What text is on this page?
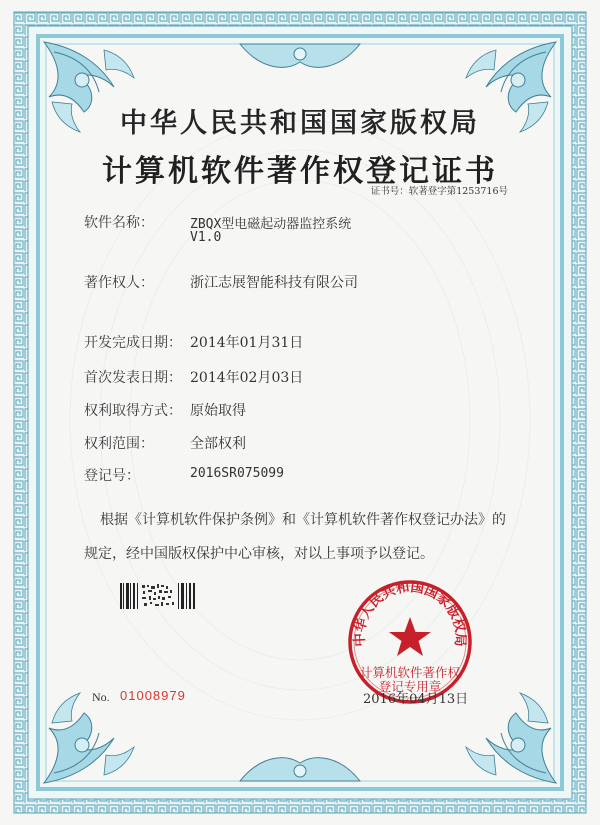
中华人民共和国国家版权局
计算机软件著作权登记证书
证书号：软著登字第1253716号
软件名称：	ZBQX型电磁起动器监控系统
V1.0
著作权人：	浙江志展智能科技有限公司
开发完成日期： 2014年01月31日
首次发表日期： 2014年02月03日
权利取得方式： 原始取得
权利范围：	全部权利
登记号：	2016SR075099
根据《计算机软件保护条例》和《计算机软件著作权登记办法》的
规定，经中国版权保护中心审核，对以上事项予以登记。
中华人民共和国国家版权局
计算机软件著作权
登记专用章
No. 01008979	2016年04月13日
